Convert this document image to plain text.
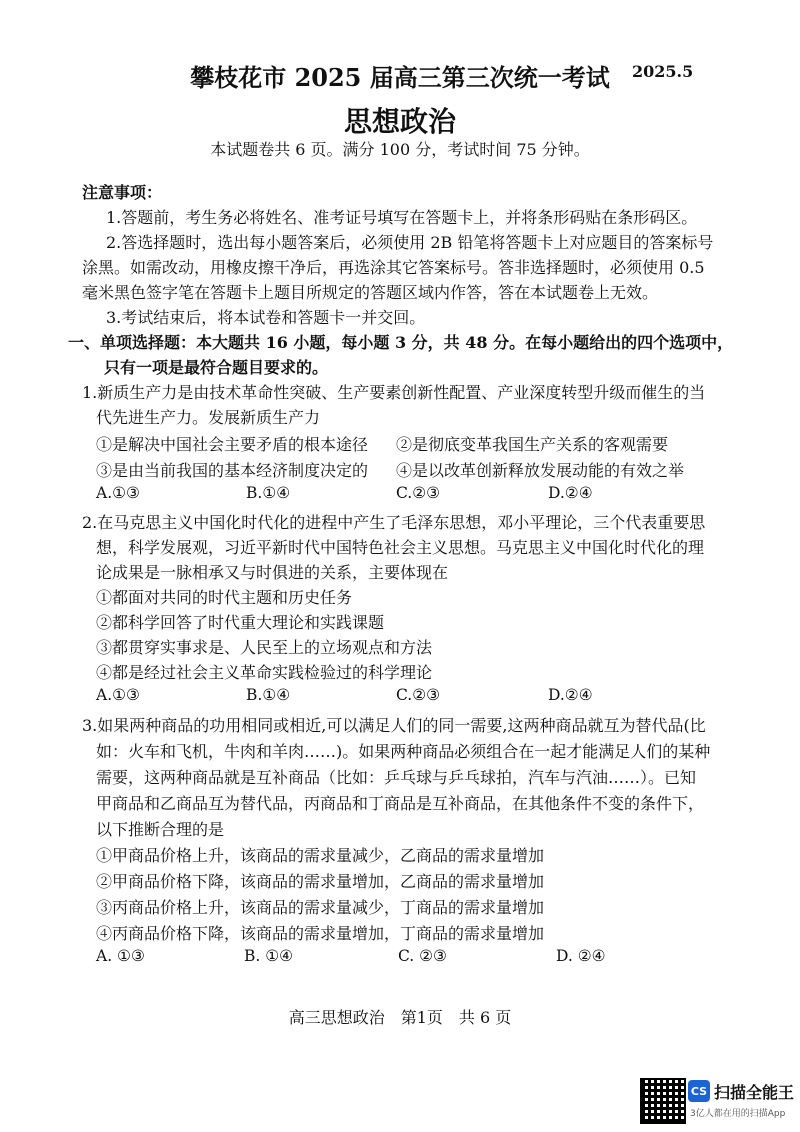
攀枝花市 2025 届高三第三次统一考试	2025.5
思想政治
本试题卷共 6 页。满分 100 分，考试时间 75 分钟。
注意事项：
1.答题前，考生务必将姓名、准考证号填写在答题卡上，并将条形码贴在条形码区。
2.答选择题时，选出每小题答案后，必须使用 2B 铅笔将答题卡上对应题目的答案标号
涂黑。如需改动，用橡皮擦干净后，再选涂其它答案标号。答非选择题时，必须使用 0.5
毫米黑色签字笔在答题卡上题目所规定的答题区域内作答，答在本试题卷上无效。
3.考试结束后，将本试卷和答题卡一并交回。
一、单项选择题：本大题共 16 小题，每小题 3 分，共 48 分。在每小题给出的四个选项中，
只有一项是最符合题目要求的。
1.新质生产力是由技术革命性突破、生产要素创新性配置、产业深度转型升级而催生的当
代先进生产力。发展新质生产力
①是解决中国社会主要矛盾的根本途径 ②是彻底变革我国生产关系的客观需要
③是由当前我国的基本经济制度决定的 ④是以改革创新释放发展动能的有效之举
A.①③	B.①④	C.②③	D.②④
2.在马克思主义中国化时代化的进程中产生了毛泽东思想，邓小平理论，三个代表重要思
想，科学发展观，习近平新时代中国特色社会主义思想。马克思主义中国化时代化的理
论成果是一脉相承又与时俱进的关系，主要体现在
①都面对共同的时代主题和历史任务
②都科学回答了时代重大理论和实践课题
③都贯穿实事求是、人民至上的立场观点和方法
④都是经过社会主义革命实践检验过的科学理论
A.①③	B.①④	C.②③	D.②④
3.如果两种商品的功用相同或相近,可以满足人们的同一需要,这两种商品就互为替代品(比
如：火车和飞机，牛肉和羊肉……)。如果两种商品必须组合在一起才能满足人们的某种
需要，这两种商品就是互补商品（比如：乒乓球与乒乓球拍，汽车与汽油……）。已知
甲商品和乙商品互为替代品，丙商品和丁商品是互补商品，在其他条件不变的条件下，
以下推断合理的是
①甲商品价格上升，该商品的需求量减少，乙商品的需求量增加
②甲商品价格下降，该商品的需求量增加，乙商品的需求量增加
③丙商品价格上升，该商品的需求量减少，丁商品的需求量增加
④丙商品价格下降，该商品的需求量增加，丁商品的需求量增加
A. ①③	B. ①④	C. ②③	D. ②④
高三思想政治　第1页　共 6 页
CS 扫描全能王
3亿人都在用的扫描App
